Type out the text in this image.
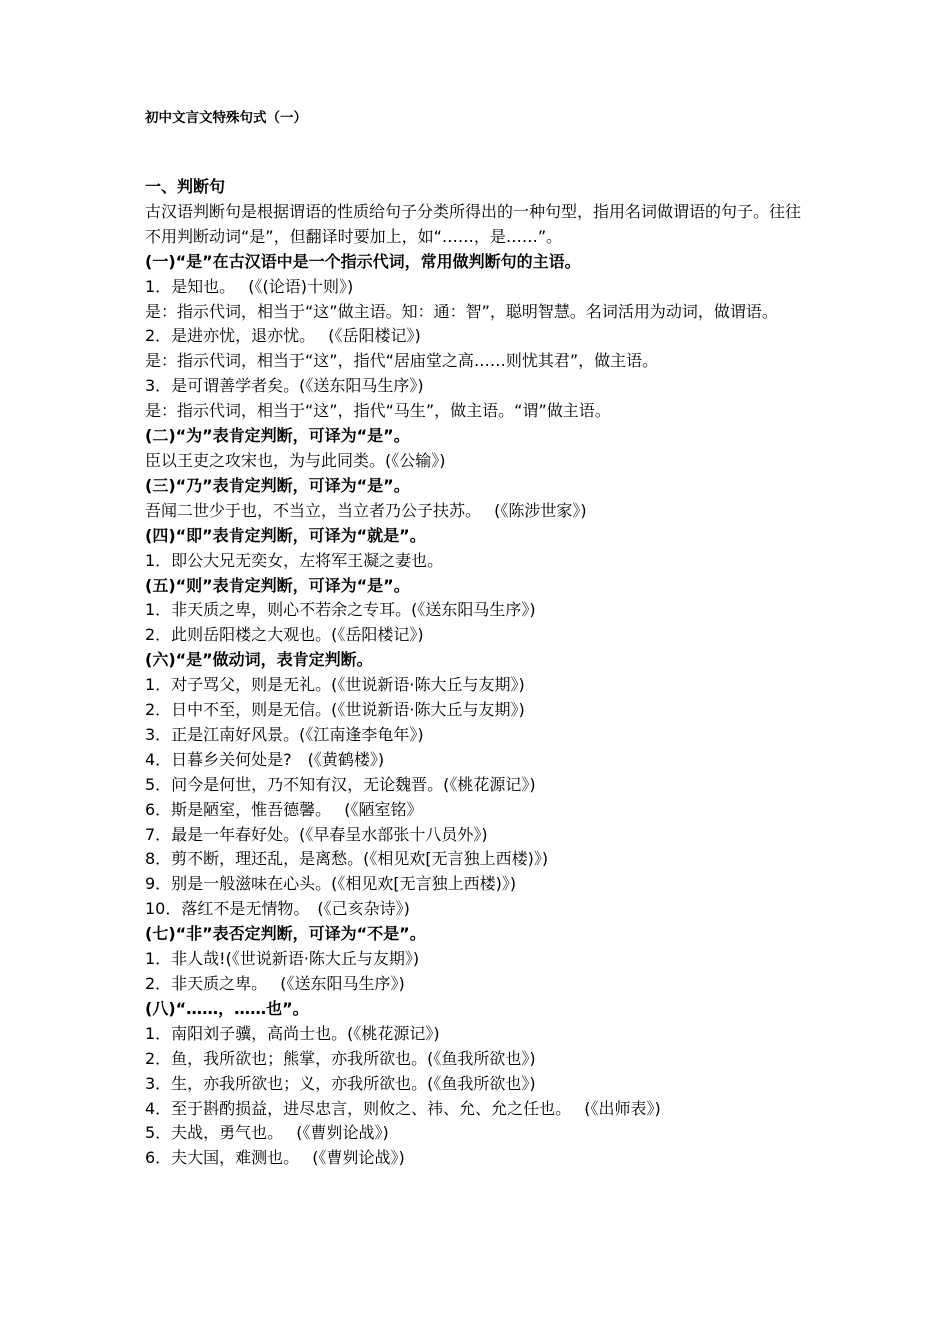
初中文言文特殊句式（一）
一、判断句
古汉语判断句是根据谓语的性质给句子分类所得出的一种句型，指用名词做谓语的句子。往往不用判断动词“是”，但翻译时要加上，如“……，是……”。
(一)“是”在古汉语中是一个指示代词，常用做判断句的主语。
1．是知也。　 (《(论语)十则》)
是：指示代词，相当于“这”做主语。知：通：智”，聪明智慧。名词活用为动词，做谓语。
2．是进亦忧，退亦忧。　 (《岳阳楼记》)
是：指示代词，相当于“这”，指代“居庙堂之高……则忧其君”，做主语。
3．是可谓善学者矣。(《送东阳马生序》)
是：指示代词，相当于“这”，指代“马生”，做主语。“谓”做主语。
(二)“为”表肯定判断，可译为“是”。
臣以王吏之攻宋也，为与此同类。(《公输》)
(三)“乃”表肯定判断，可译为“是”。
吾闻二世少于也，不当立，当立者乃公子扶苏。　 (《陈涉世家》)
(四)“即”表肯定判断，可译为“就是”。
1．即公大兄无奕女，左将军王凝之妻也。
(五)“则”表肯定判断，可译为“是”。
1．非天质之卑，则心不若余之专耳。(《送东阳马生序》)
2．此则岳阳楼之大观也。(《岳阳楼记》)
(六)“是”做动词，表肯定判断。
1．对子骂父，则是无礼。(《世说新语·陈大丘与友期》)
2．日中不至，则是无信。(《世说新语·陈大丘与友期》)
3．正是江南好风景。(《江南逢李龟年》)
4．日暮乡关何处是?　(《黄鹤楼》)
5．问今是何世，乃不知有汉，无论魏晋。(《桃花源记》)
6．斯是陋室，惟吾德馨。　 (《陋室铭》
7．最是一年春好处。(《早春呈水部张十八员外》)
8．剪不断，理还乱，是离愁。(《相见欢[无言独上西楼)》)
9．别是一般滋味在心头。(《相见欢[无言独上西楼)》)
10．落红不是无情物。　(《己亥杂诗》)
(七)“非”表否定判断，可译为“不是”。
1．非人哉!(《世说新语·陈大丘与友期》)
2．非天质之卑。　 (《送东阳马生序》)
(八)“……，……也”。
1．南阳刘子骥，高尚士也。(《桃花源记》)
2．鱼，我所欲也；熊掌，亦我所欲也。(《鱼我所欲也》)
3．生，亦我所欲也；义，亦我所欲也。(《鱼我所欲也》)
4．至于斟酌损益，进尽忠言，则攸之、祎、允、允之任也。　 (《出师表》)
5．夫战，勇气也。　 (《曹刿论战》)
6．夫大国，难测也。　 (《曹刿论战》)
